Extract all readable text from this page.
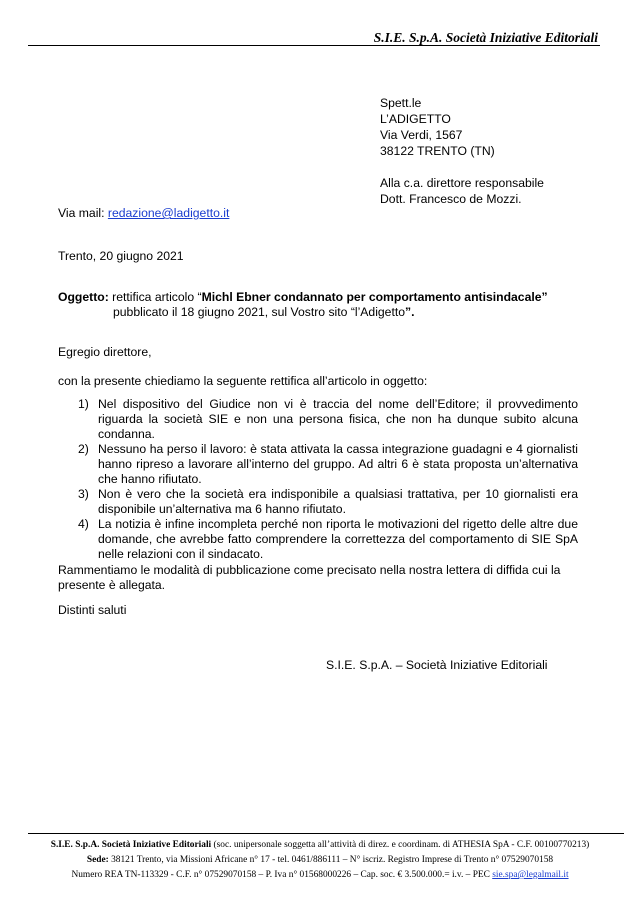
S.I.E. S.p.A. Società Iniziative Editoriali
Spett.le
L’ADIGETTO
Via Verdi, 1567
38122 TRENTO (TN)
Alla c.a. direttore responsabile
Dott. Francesco de Mozzi.
Via mail: redazione@ladigetto.it
Trento, 20 giugno 2021
Oggetto: rettifica articolo “Michl Ebner condannato per comportamento antisindacale”
pubblicato il 18 giugno 2021, sul Vostro sito “l’Adigetto”.
Egregio direttore,
con la presente chiediamo la seguente rettifica all’articolo in oggetto:
1) Nel dispositivo del Giudice non vi è traccia del nome dell’Editore; il provvedimento riguarda la società SIE e non una persona fisica, che non ha dunque subito alcuna condanna.
2) Nessuno ha perso il lavoro: è stata attivata la cassa integrazione guadagni e 4 giornalisti hanno ripreso a lavorare all’interno del gruppo. Ad altri 6 è stata proposta un’alternativa che hanno rifiutato.
3) Non è vero che la società era indisponibile a qualsiasi trattativa, per 10 giornalisti era disponibile un’alternativa ma 6 hanno rifiutato.
4) La notizia è infine incompleta perché non riporta le motivazioni del rigetto delle altre due domande, che avrebbe fatto comprendere la correttezza del comportamento di SIE SpA nelle relazioni con il sindacato.
Rammentiamo le modalità di pubblicazione come precisato nella nostra lettera di diffida cui la presente è allegata.
Distinti saluti
S.I.E. S.p.A. – Società Iniziative Editoriali
S.I.E. S.p.A. Società Iniziative Editoriali (soc. unipersonale soggetta all’attività di direz. e coordinam. di ATHESIA SpA - C.F. 00100770213)
Sede: 38121 Trento, via Missioni Africane n° 17 - tel. 0461/886111 – N° iscriz. Registro Imprese di Trento n° 07529070158
Numero REA TN-113329 - C.F. n° 07529070158 – P. Iva n° 01568000226 – Cap. soc. € 3.500.000.= i.v. – PEC sie.spa@legalmail.it
